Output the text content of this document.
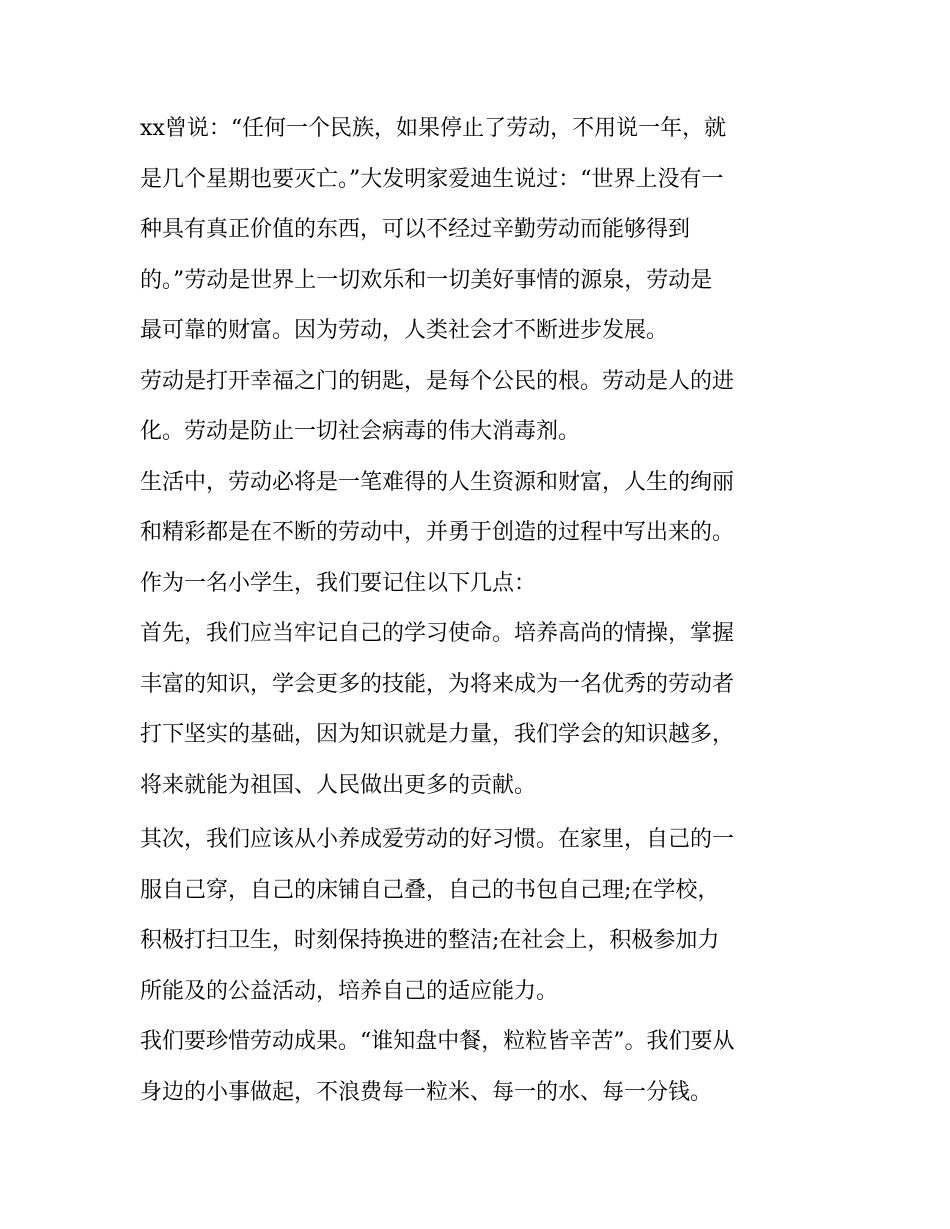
xx曾说：“任何一个民族，如果停止了劳动，不用说一年，就

是几个星期也要灭亡。”大发明家爱迪生说过：“世界上没有一

种具有真正价值的东西，可以不经过辛勤劳动而能够得到

的。”劳动是世界上一切欢乐和一切美好事情的源泉，劳动是

最可靠的财富。因为劳动，人类社会才不断进步发展。

劳动是打开幸福之门的钥匙，是每个公民的根。劳动是人的进

化。劳动是防止一切社会病毒的伟大消毒剂。

生活中，劳动必将是一笔难得的人生资源和财富，人生的绚丽

和精彩都是在不断的劳动中，并勇于创造的过程中写出来的。

作为一名小学生，我们要记住以下几点：

首先，我们应当牢记自己的学习使命。培养高尚的情操，掌握

丰富的知识，学会更多的技能，为将来成为一名优秀的劳动者

打下坚实的基础，因为知识就是力量，我们学会的知识越多，

将来就能为祖国、人民做出更多的贡献。

其次，我们应该从小养成爱劳动的好习惯。在家里，自己的一

服自己穿，自己的床铺自己叠，自己的书包自己理;在学校，

积极打扫卫生，时刻保持换进的整洁;在社会上，积极参加力

所能及的公益活动，培养自己的适应能力。

我们要珍惜劳动成果。“谁知盘中餐，粒粒皆辛苦”。我们要从

身边的小事做起，不浪费每一粒米、每一的水、每一分钱。
